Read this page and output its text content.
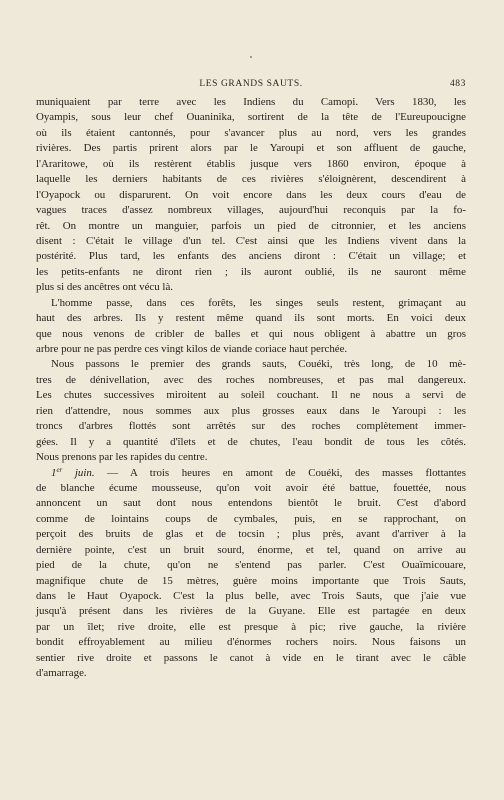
LES GRANDS SAUTS.	483
muniquaient par terre avec les Indiens du Camopi. Vers 1830, les
Oyampis, sous leur chef Ouaninika, sortirent de la tête de l'Eureupoucigne
où ils étaient cantonnés, pour s'avancer plus au nord, vers les grandes
rivières. Des partis prirent alors par le Yaroupi et son affluent de gauche,
l'Araritowe, où ils restèrent établis jusque vers 1860 environ, époque à
laquelle les derniers habitants de ces rivières s'éloignèrent, descendirent à
l'Oyapock ou disparurent. On voit encore dans les deux cours d'eau de
vagues traces d'assez nombreux villages, aujourd'hui reconquis par la fo-
rêt. On montre un manguier, parfois un pied de citronnier, et les anciens
disent : C'était le village d'un tel. C'est ainsi que les Indiens vivent dans la
postérité. Plus tard, les enfants des anciens diront : C'était un village; et
les petits-enfants ne diront rien ; ils auront oublié, ils ne sauront même
plus si des ancêtres ont vécu là.
L'homme passe, dans ces forêts, les singes seuls restent, grimaçant au
haut des arbres. Ils y restent même quand ils sont morts. En voici deux
que nous venons de cribler de balles et qui nous obligent à abattre un gros
arbre pour ne pas perdre ces vingt kilos de viande coriace haut perchée.
Nous passons le premier des grands sauts, Couéki, très long, de 10 mè-
tres de dénivellation, avec des roches nombreuses, et pas mal dangereux.
Les chutes successives miroitent au soleil couchant. Il ne nous a servi de
rien d'attendre, nous sommes aux plus grosses eaux dans le Yaroupi : les
troncs d'arbres flottés sont arrêtés sur des roches complètement immer-
gées. Il y a quantité d'îlets et de chutes, l'eau bondit de tous les côtés.
Nous prenons par les rapides du centre.
1er juin. — A trois heures en amont de Couéki, des masses flottantes
de blanche écume mousseuse, qu'on voit avoir été battue, fouettée, nous
annoncent un saut dont nous entendons bientôt le bruit. C'est d'abord
comme de lointains coups de cymbales, puis, en se rapprochant, on
perçoit des bruits de glas et de tocsin ; plus près, avant d'arriver à la
dernière pointe, c'est un bruit sourd, énorme, et tel, quand on arrive au
pied de la chute, qu'on ne s'entend pas parler. C'est Ouaïmicouare,
magnifique chute de 15 mètres, guère moins importante que Trois Sauts,
dans le Haut Oyapock. C'est la plus belle, avec Trois Sauts, que j'aie vue
jusqu'à présent dans les rivières de la Guyane. Elle est partagée en deux
par un îlet; rive droite, elle est presque à pic; rive gauche, la rivière
bondit effroyablement au milieu d'énormes rochers noirs. Nous faisons un
sentier rive droite et passons le canot à vide en le tirant avec le câble
d'amarrage.
